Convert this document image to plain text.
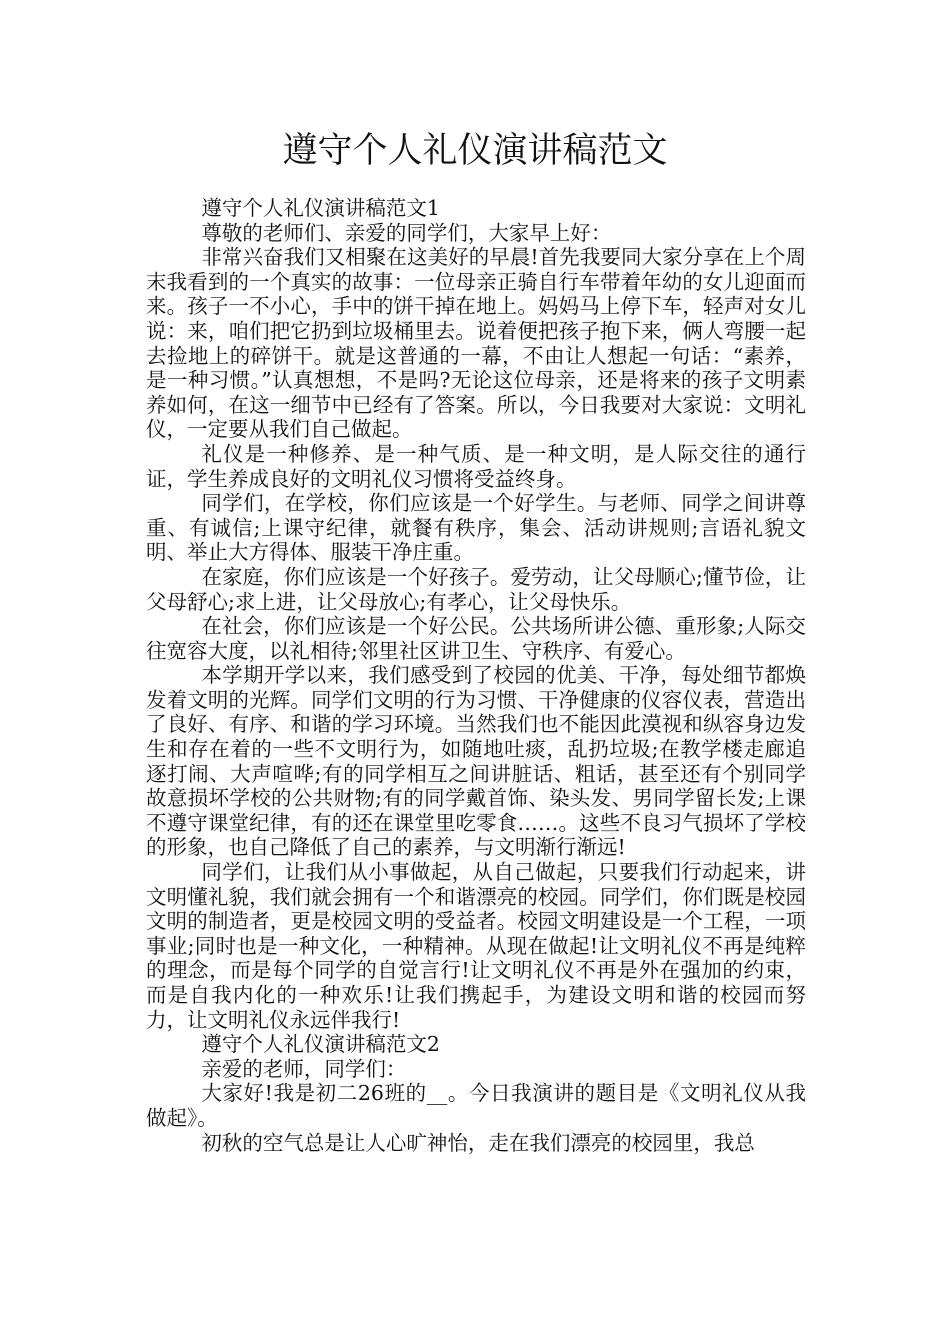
遵守个人礼仪演讲稿范文

遵守个人礼仪演讲稿范文1

尊敬的老师们、亲爱的同学们，大家早上好：

非常兴奋我们又相聚在这美好的早晨!首先我要同大家分享在上个周末我看到的一个真实的故事：一位母亲正骑自行车带着年幼的女儿迎面而来。孩子一不小心，手中的饼干掉在地上。妈妈马上停下车，轻声对女儿说：来，咱们把它扔到垃圾桶里去。说着便把孩子抱下来，俩人弯腰一起去捡地上的碎饼干。就是这普通的一幕，不由让人想起一句话：“素养，是一种习惯。”认真想想，不是吗?无论这位母亲，还是将来的孩子文明素养如何，在这一细节中已经有了答案。所以，今日我要对大家说：文明礼仪，一定要从我们自己做起。

礼仪是一种修养、是一种气质、是一种文明，是人际交往的通行证，学生养成良好的文明礼仪习惯将受益终身。

同学们，在学校，你们应该是一个好学生。与老师、同学之间讲尊重、有诚信;上课守纪律，就餐有秩序，集会、活动讲规则;言语礼貌文明、举止大方得体、服装干净庄重。

在家庭，你们应该是一个好孩子。爱劳动，让父母顺心;懂节俭，让父母舒心;求上进，让父母放心;有孝心，让父母快乐。

在社会，你们应该是一个好公民。公共场所讲公德、重形象;人际交往宽容大度，以礼相待;邻里社区讲卫生、守秩序、有爱心。

本学期开学以来，我们感受到了校园的优美、干净，每处细节都焕发着文明的光辉。同学们文明的行为习惯、干净健康的仪容仪表，营造出了良好、有序、和谐的学习环境。当然我们也不能因此漠视和纵容身边发生和存在着的一些不文明行为，如随地吐痰，乱扔垃圾;在教学楼走廊追逐打闹、大声喧哗;有的同学相互之间讲脏话、粗话，甚至还有个别同学故意损坏学校的公共财物;有的同学戴首饰、染头发、男同学留长发;上课不遵守课堂纪律，有的还在课堂里吃零食……。这些不良习气损坏了学校的形象，也自己降低了自己的素养，与文明渐行渐远!

同学们，让我们从小事做起，从自己做起，只要我们行动起来，讲文明懂礼貌，我们就会拥有一个和谐漂亮的校园。同学们，你们既是校园文明的制造者，更是校园文明的受益者。校园文明建设是一个工程，一项事业;同时也是一种文化，一种精神。从现在做起!让文明礼仪不再是纯粹的理念，而是每个同学的自觉言行!让文明礼仪不再是外在强加的约束，而是自我内化的一种欢乐!让我们携起手，为建设文明和谐的校园而努力，让文明礼仪永远伴我行!

遵守个人礼仪演讲稿范文2

亲爱的老师，同学们：

大家好!我是初二26班的__。今日我演讲的题目是《文明礼仪从我做起》。

初秋的空气总是让人心旷神怡，走在我们漂亮的校园里，我总
